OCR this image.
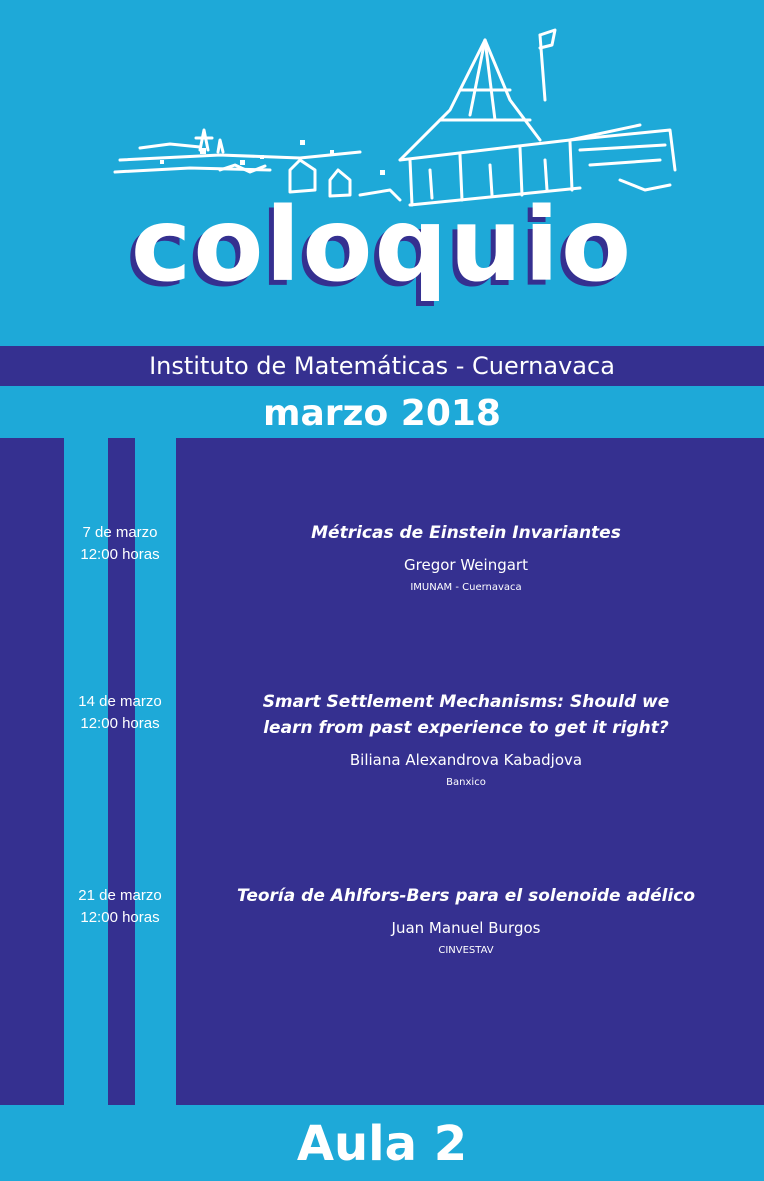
coloquio
Instituto de Matemáticas - Cuernavaca
marzo 2018
7 de marzo
12:00 horas
Métricas de Einstein Invariantes
Gregor Weingart
IMUNAM - Cuernavaca
14 de marzo
12:00 horas
Smart Settlement Mechanisms: Should we
learn from past experience to get it right?
Biliana Alexandrova Kabadjova
Banxico
21 de marzo
12:00 horas
Teoría de Ahlfors-Bers para el solenoide adélico
Juan Manuel Burgos
CINVESTAV
Aula 2
